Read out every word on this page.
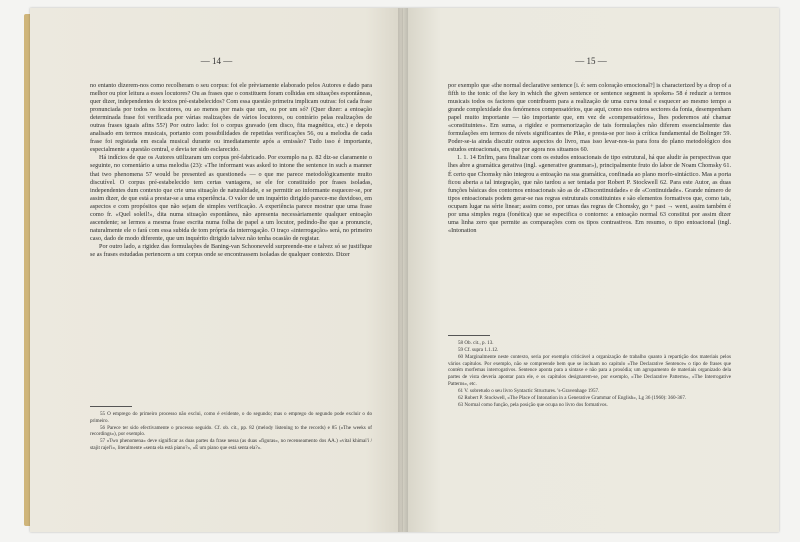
— 14 —

no entanto dizerem-nos como recolheram o seu corpus: foi ele prèviamente elaborado pelos Autores e dado para melhor ou pior leitura a esses locutores? Ou as frases que o constituem foram colhidas em situações espontâneas, quer dizer, independentes de textos pré-estabelecidos? Com essa questão primeira implicam outras: foi cada frase pronunciada por todos os locutores, ou ao menos por mais que um, ou por um só? (Quer dizer: a entoação determinada frase foi verificada por várias realizações de vários locutores, ou contrário pelas realizações de outras frases iguais afins 55?) Por outro lado: foi o corpus gravado (em disco, fita magnética, etc.) e depois analisado em termos musicais, portanto com possibilidades de repetidas verificações 56, ou a melodia de cada frase foi registada em escala musical durante ou imediatamente após a emissão? Tudo isso é importante, especialmente a questão central, e devia ter sido esclarecido.

Há indícios de que os Autores utilizaram um corpus pré-fabricado. Por exemplo na p. 82 diz-se claramente o seguinte, no comentário a uma melodia (23): «The informant was asked to intone the sentence in such a manner that two phenomena 57 would be presented as questioned» — o que me parece metodològicamente muito discutível. O corpus pré-estabelecido tem certas vantagens, se ele for constituído por frases isoladas, independentes dum contexto que crie uma situação de naturalidade, e se permitir ao informante esquecer-se, por assim dizer, de que está a prestar-se a uma experiência. O valor de um inquérito dirigido parece-me duvidoso, em aspectos e com propósitos que não sejam de simples verificação. A experiência parece mostrar que uma frase como fr. «Quel soleil!», dita numa situação espontânea, não apresenta necessàriamente qualquer entoação ascendente; se lermos a mesma frase escrita numa folha de papel a um locutor, pedindo-lhe que a pronuncie, naturalmente ele o fará com essa subida de tom própria da interrogação. O traço «interrogação» será, no primeiro caso, dado de modo diferente, que um inquérito dirigido talvez não tenha ocasião de registar.

Por outro lado, a rigidez das formulações de Baning-van Schooneveld surpreende-me e talvez só se justifique se as frases estudadas pertencem a um corpus onde se encontrassem isoladas de qualquer contexto. Dizer

55 O emprego do primeiro processo não exclui, como é evidente, o do segundo; mas o emprego do segundo pode excluir o do primeiro.
56 Parece ter sido efectivamente o processo seguido. Cf. ob. cit., pp. 82 (melody listening to the records) e 85 («The weeks of recordings»), por exemplo.
57 «Two phenomena» deve significar as duas partes da frase nessa (as duas «figuras», no recenseamento dos AA.) «vital khimai'i / stajit rajel'i», literalmente «senta ela está piano?», «É um piano que está senta ela?».
— 15 —

por exemplo que «the normal declarative sentence [i. é: sem coloração emocional?] is characterized by a drop of a fifth to the tonic of the key in which the given sentence or sentence segment is spoken» 58 é reduzir a termos musicais todos os factores que contribuem para a realização de uma curva tonal e esquecer ao mesmo tempo a grande complexidade dos fenómenos compensatórios, que aqui, como nos outros sectores da fonia, desempenham papel muito importante — tão importante que, em vez de «compensatórios», lhes poderemos até chamar «constituintes». Em suma, a rigidez e pormenorização de tais formulações não diferem essencialmente das formulações em termos de níveis significantes de Pike, e presta-se por isso à crítica fundamental de Bolinger 59. Poder-se-ia ainda discutir outros aspectos do livro, mas isso levar-nos-ia para fora do plano metodológico dos estudos entoacionais, em que por agora nos situamos 60.

1. 1. 14 Enfim, para finalizar com os estudos entoacionais de tipo estrutural, há que aludir às perspectivas que lhes abre a gramática gerativa (ingl. «generative grammar»), principalmente fruto do labor de Noam Chomsky 61. É certo que Chomsky não integrou a entoação na sua gramática, confinada ao plano morfo-sintáctico. Mas a porta ficou aberta a tal integração, que não tardou a ser tentada por Robert P. Stockwell 62. Para este Autor, as duas funções básicas dos contornos entoacionais são as de «Discontinuidade» e de «Continuidade». Grande número de tipos entoacionais podem gerar-se nas regras estruturais constituintes e são elementos formativos que, como tais, ocupam lugar na série linear; assim como, por umas das regras de Chomsky, go + past → went, assim também é por uma simples regra (fonética) que se especifica o contorno: a entoação normal 63 constitui por assim dizer uma linha zero que permite as comparações com os tipos contrastivos. Em resumo, o tipo entoacional (ingl. «Intonation

58 Ob. cit., p. 13.
59 Cf. supra 1.1.12.
60 Marginalmente neste contexto, seria por exemplo criticável a organização de trabalho quanto à repartição dos materiais pelos vários capítulos. Por exemplo, não se compreende bem que se incluam no capítulo «The Declarative Sentence» o tipo de frases que contém morfemas interrogativos. Sentence aponta para a sintaxe e não para a prosódia; um agrupamento de materiais organizado dela partes de vista deveria apontar para ele, e os capítulos designarem-se, por exemplo, «The Declarative Patterns», «The Interrogative Patterns», etc.
61 V. sobretudo o seu livro Syntactic Structures. 's-Gravenhage 1957.
62 Robert P. Stockwell, «The Place of Intonation in a Generative Grammar of English», Lg 36 (1960): 360-367.
63 Normal como função, pela posição que ocupa no livro dos formativos.
